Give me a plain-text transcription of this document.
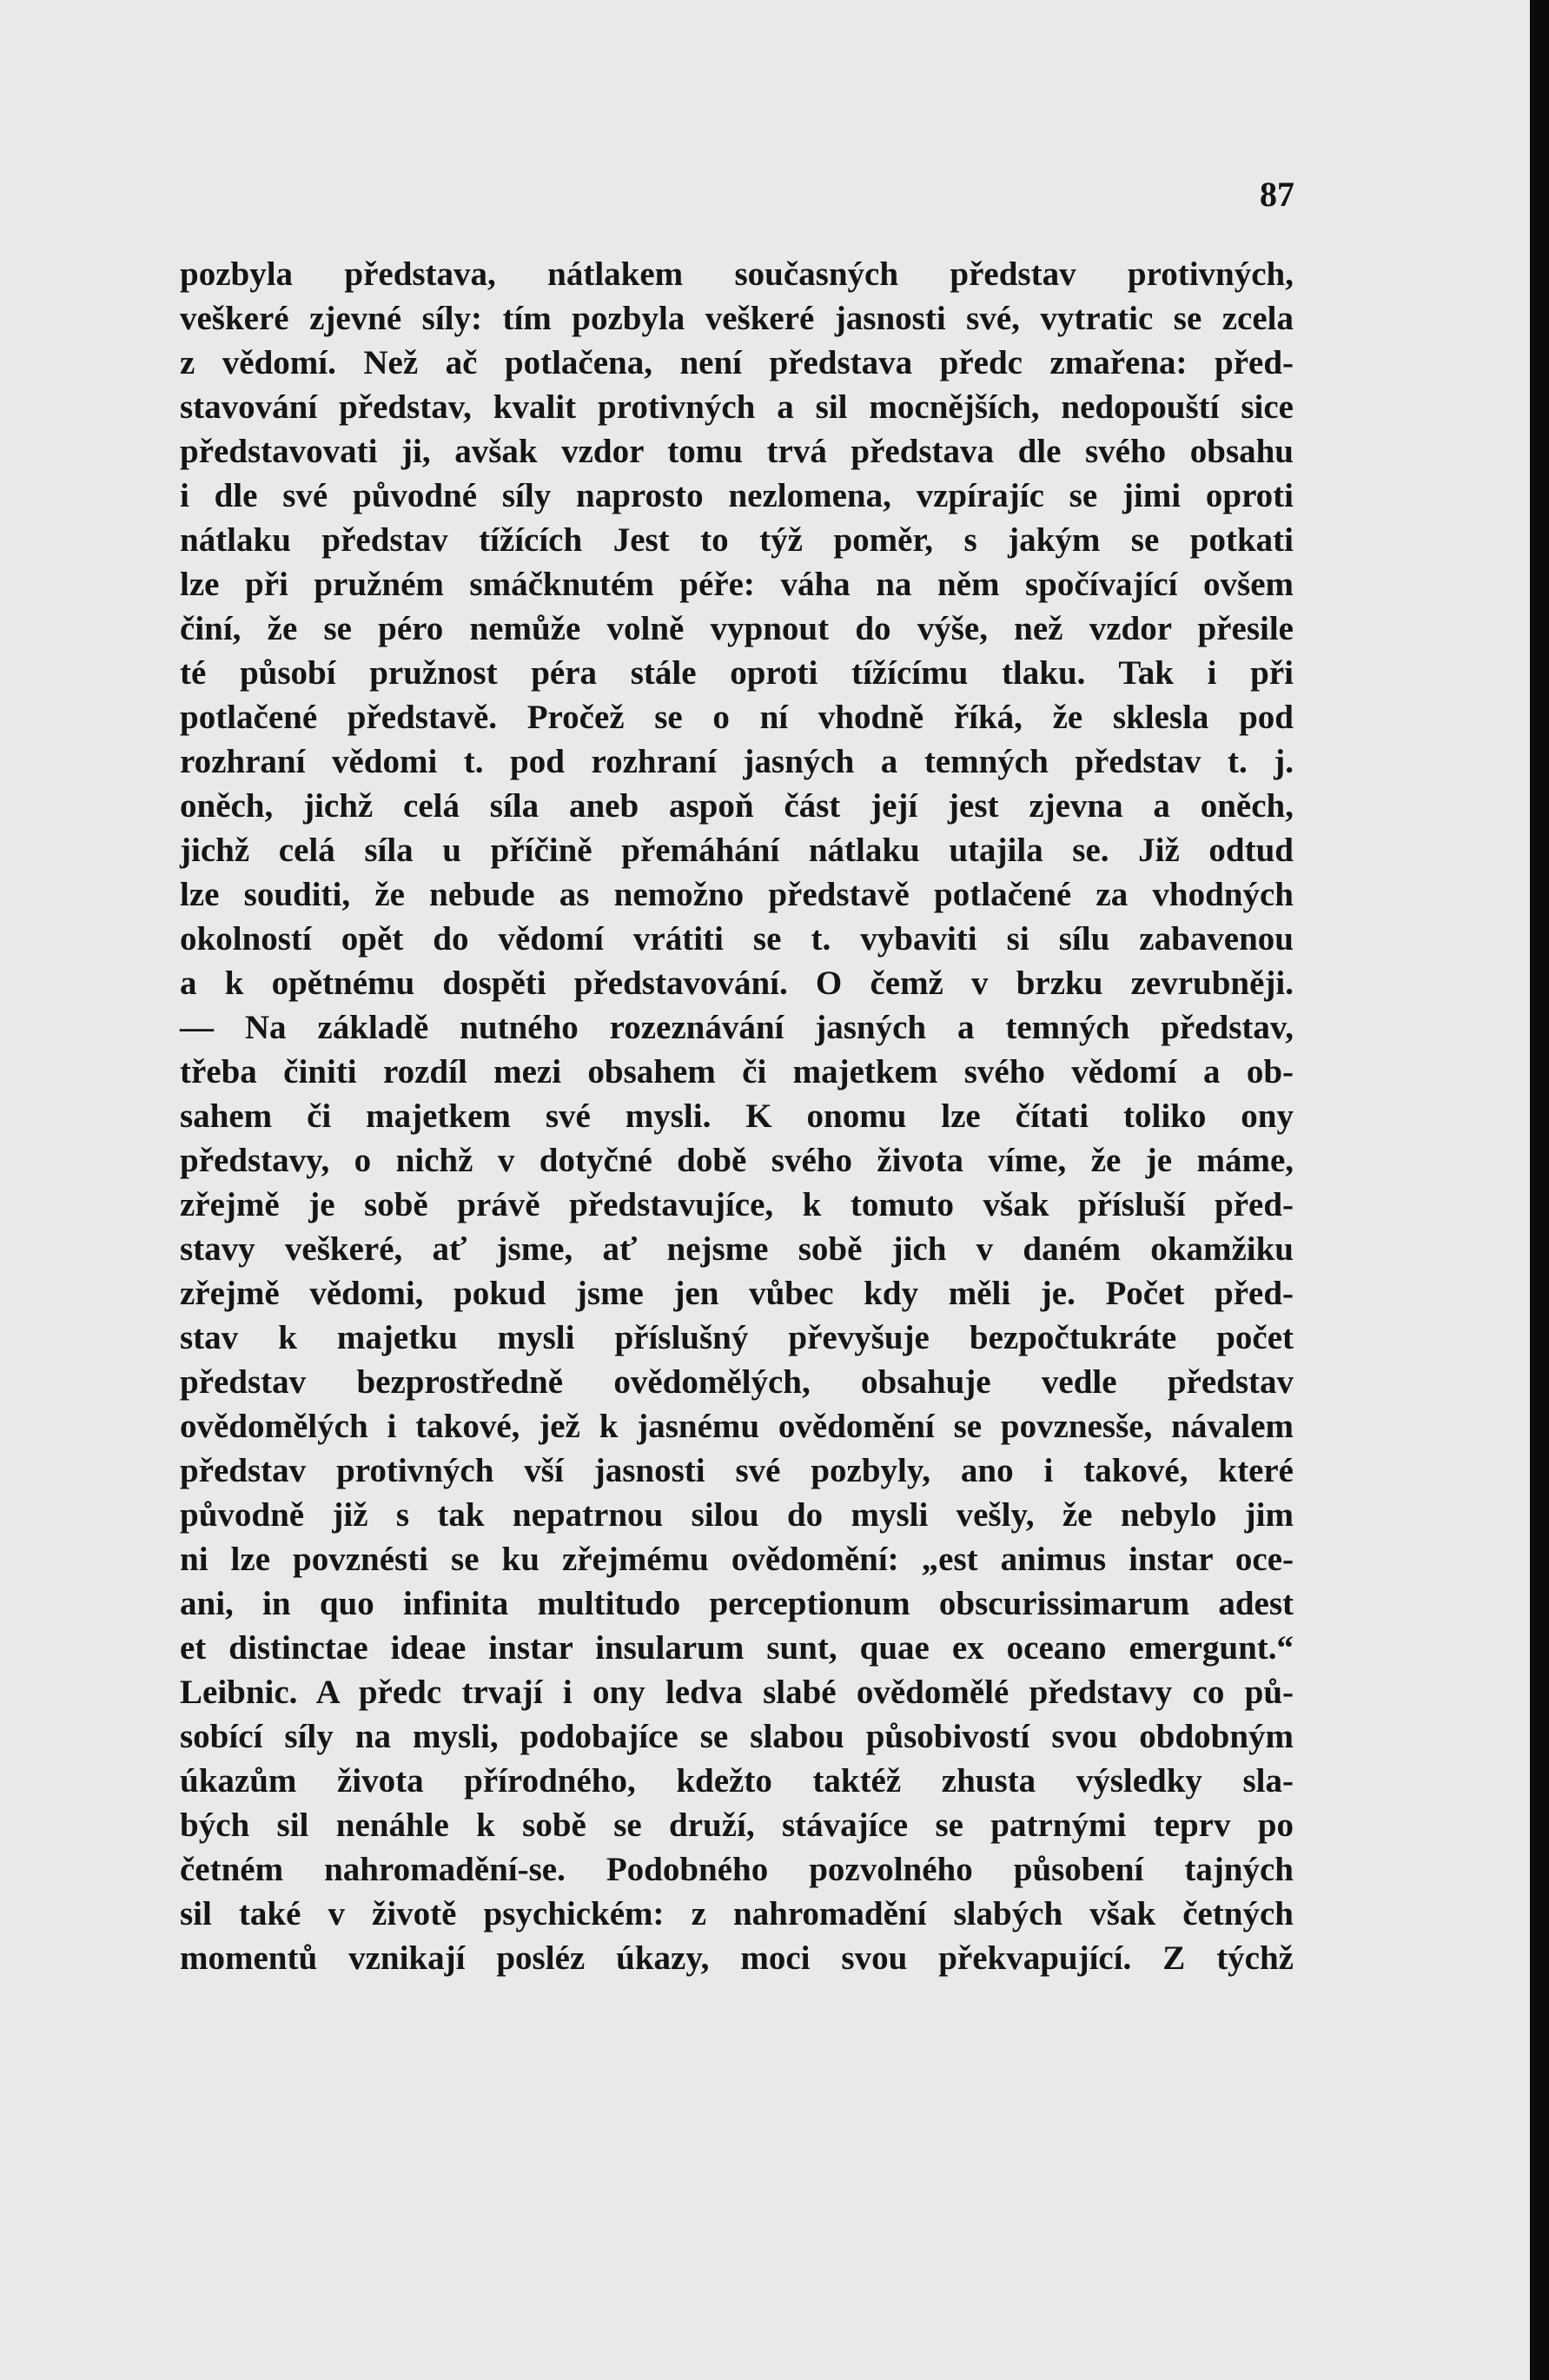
87
pozbyla představa, nátlakem současných představ protivných,
veškeré zjevné síly: tím pozbyla veškeré jasnosti své, vytratic se zcela
z vědomí. Než ač potlačena, není představa předc zmařena: před-
stavování představ, kvalit protivných a sil mocnějších, nedopouští sice
představovati ji, avšak vzdor tomu trvá představa dle svého obsahu
i dle své původné síly naprosto nezlomena, vzpírajíc se jimi oproti
nátlaku představ tížících Jest to týž poměr, s jakým se potkati
lze při pružném smáčknutém péře: váha na něm spočívající ovšem
činí, že se péro nemůže volně vypnout do výše, než vzdor přesile
té působí pružnost péra stále oproti tížícímu tlaku. Tak i při
potlačené představě. Pročež se o ní vhodně říká, že sklesla pod
rozhraní vědomi t. pod rozhraní jasných a temných představ t. j.
oněch, jichž celá síla aneb aspoň část její jest zjevna a oněch,
jichž celá síla u příčině přemáhání nátlaku utajila se. Již odtud
lze souditi, že nebude as nemožno představě potlačené za vhodných
okolností opět do vědomí vrátiti se t. vybaviti si sílu zabavenou
a k opětnému dospěti představování. O čemž v brzku zevrubněji.
— Na základě nutného rozeznávání jasných a temných představ,
třeba činiti rozdíl mezi obsahem či majetkem svého vědomí a ob-
sahem či majetkem své mysli. K onomu lze čítati toliko ony
představy, o nichž v dotyčné době svého života víme, že je máme,
zřejmě je sobě právě představujíce, k tomuto však přísluší před-
stavy veškeré, ať jsme, ať nejsme sobě jich v daném okamžiku
zřejmě vědomi, pokud jsme jen vůbec kdy měli je. Počet před-
stav k majetku mysli příslušný převyšuje bezpočtukráte počet
představ bezprostředně ovědomělých, obsahuje vedle představ
ovědomělých i takové, jež k jasnému ovědomění se povznesše, návalem
představ protivných vší jasnosti své pozbyly, ano i takové, které
původně již s tak nepatrnou silou do mysli vešly, že nebylo jim
ni lze povznésti se ku zřejmému ovědomění: „est animus instar oce-
ani, in quo infinita multitudo perceptionum obscurissimarum adest
et distinctae ideae instar insularum sunt, quae ex oceano emergunt.“
Leibnic. A předc trvají i ony ledva slabé ovědomělé představy co pů-
sobící síly na mysli, podobajíce se slabou působivostí svou obdobným
úkazům života přírodného, kdežto taktéž zhusta výsledky sla-
bých sil nenáhle k sobě se druží, stávajíce se patrnými teprv po
četném nahromadění-se. Podobného pozvolného působení tajných
sil také v životě psychickém: z nahromadění slabých však četných
momentů vznikají posléz úkazy, moci svou překvapující. Z týchž
